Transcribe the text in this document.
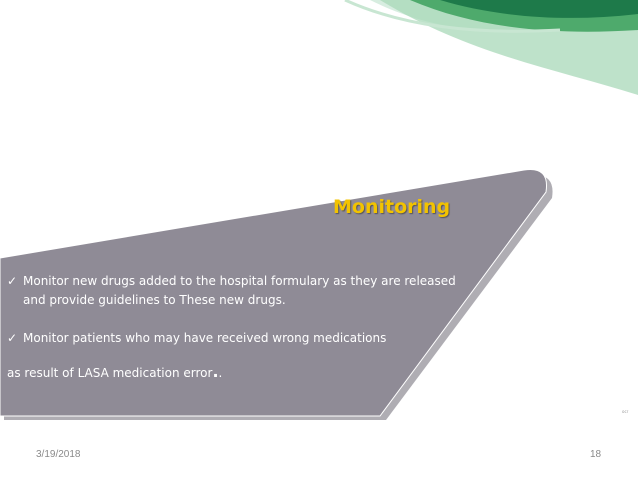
Monitoring
✓ Monitor new drugs added to the hospital formulary as they are released and provide guidelines to These new drugs.
✓ Monitor patients who may have received wrong medications
as result of LASA medication error..
ocr
3/19/2018	18
